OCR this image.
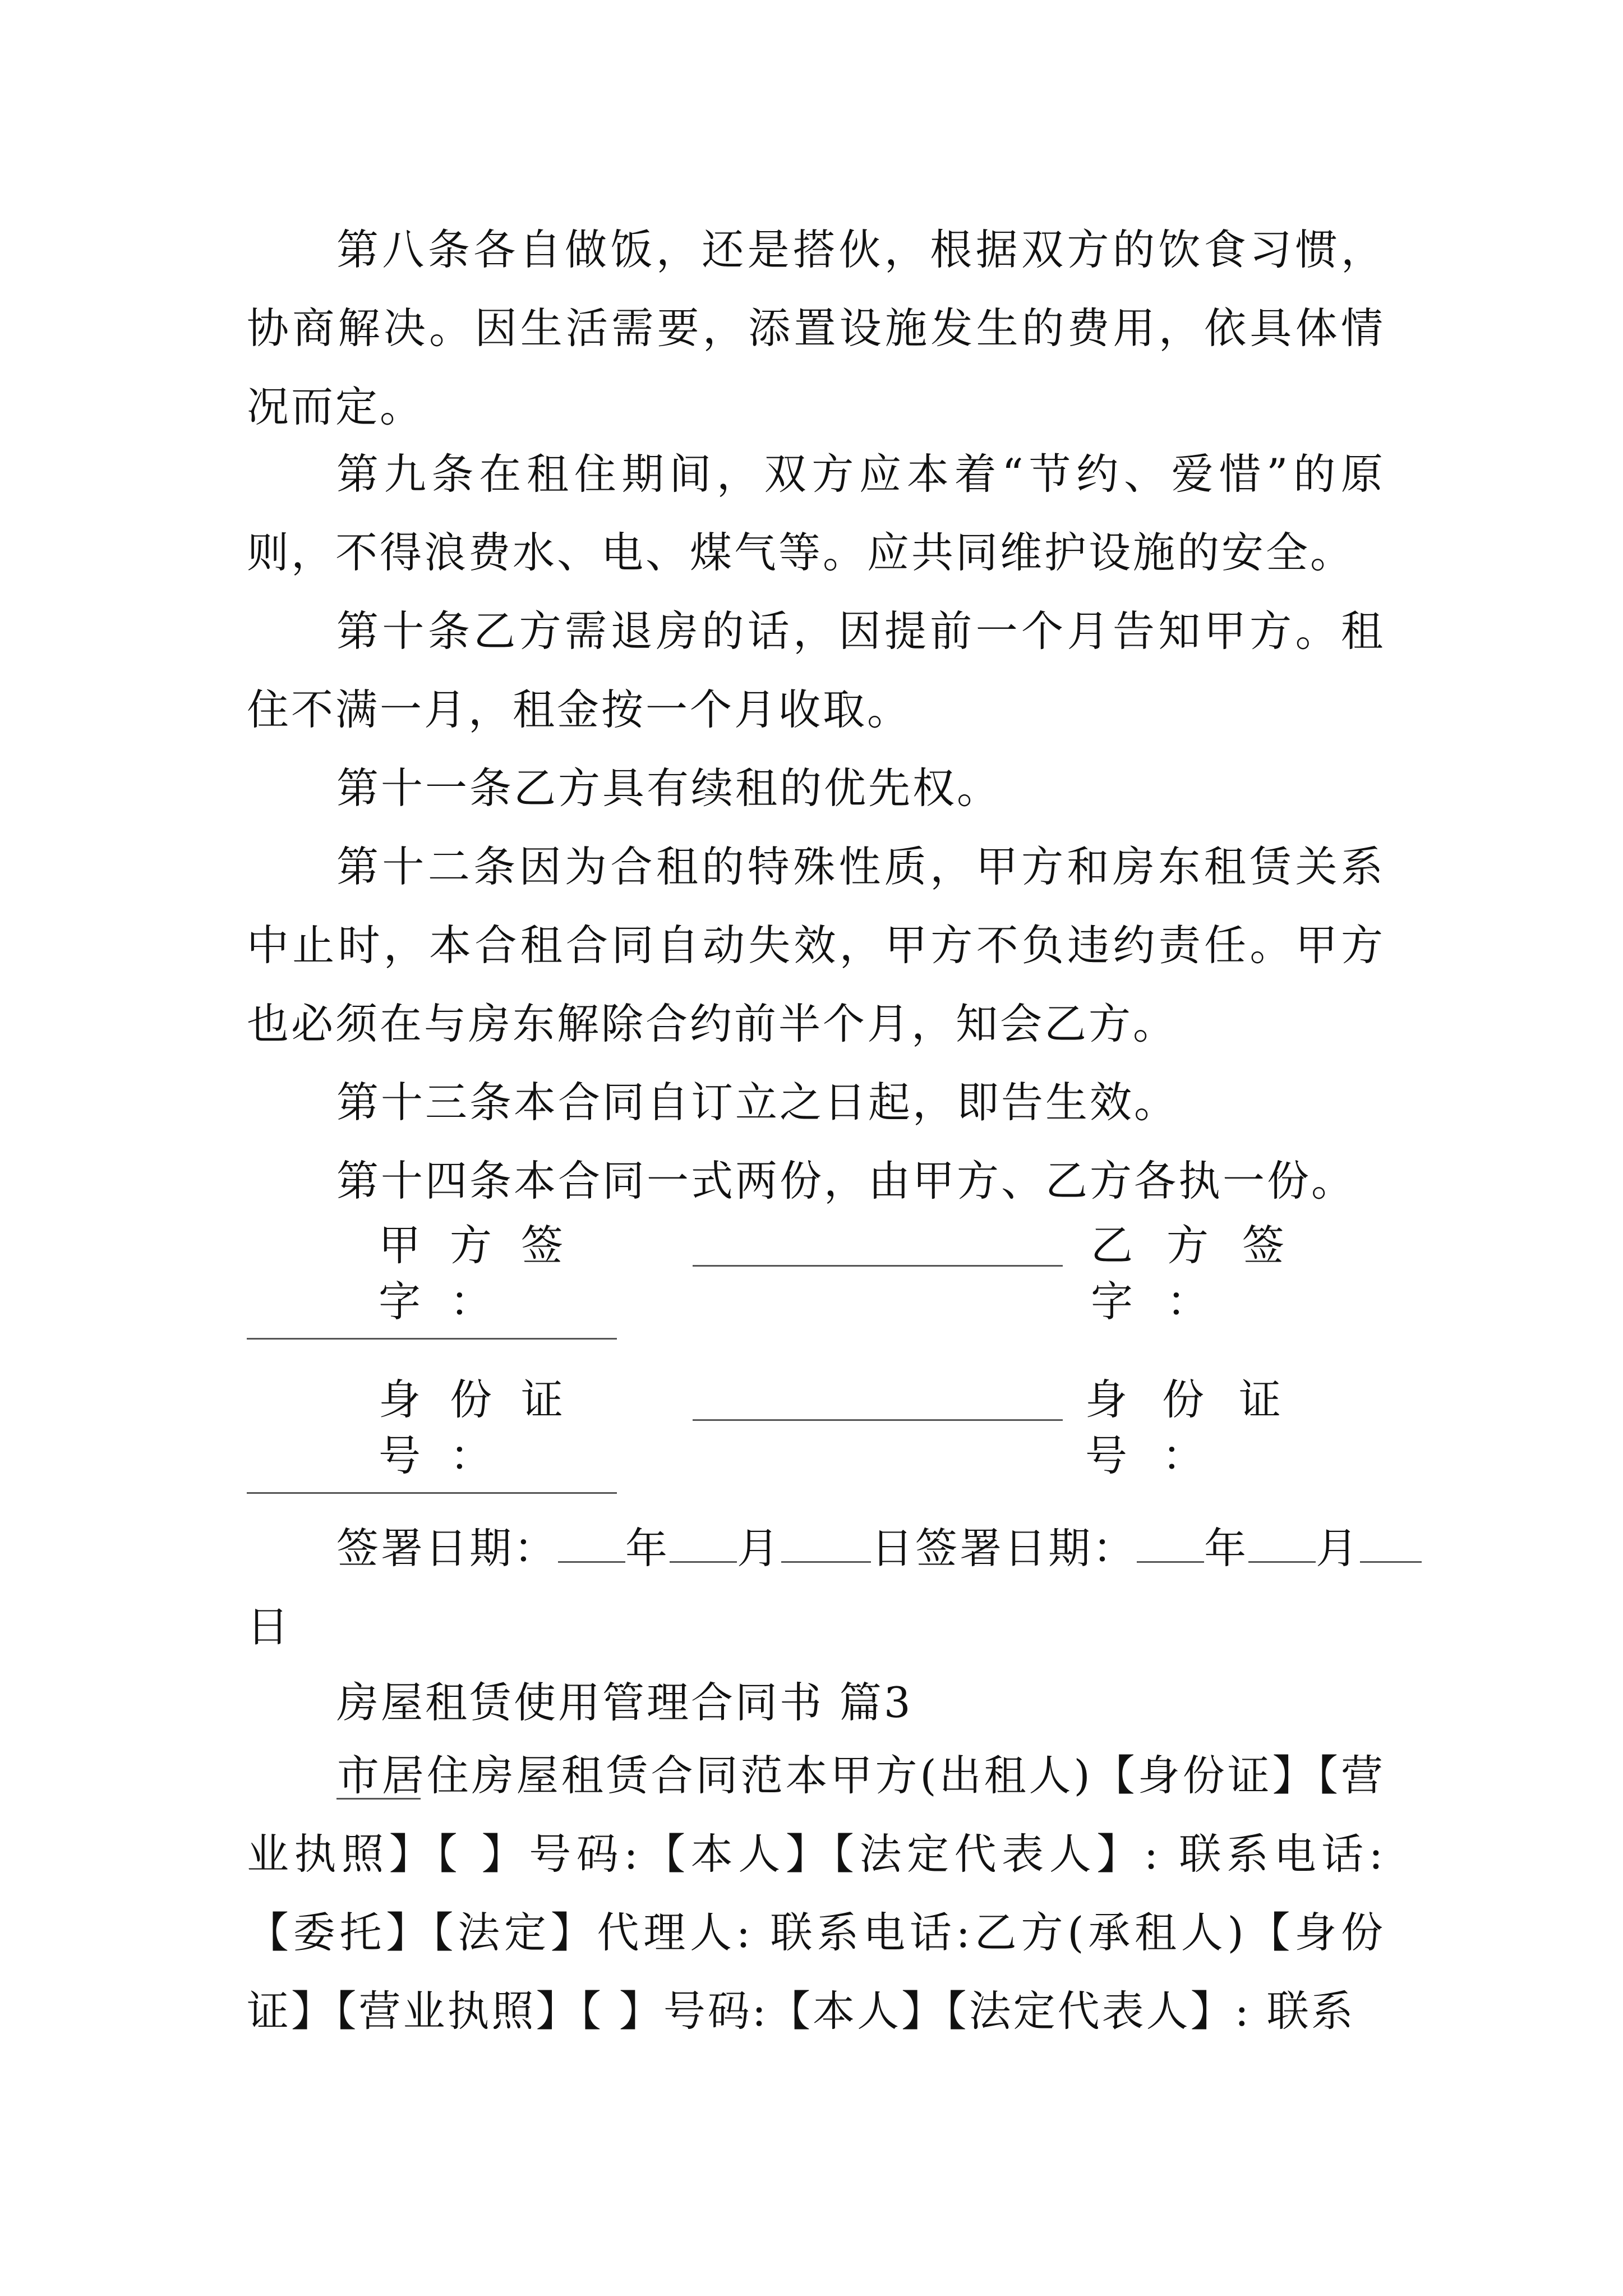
第八条各自做饭，还是搭伙，根据双方的饮食习惯，协商解决。因生活需要，添置设施发生的费用，依具体情况而定。

第九条在租住期间，双方应本着“节约、爱惜”的原则，不得浪费水、电、煤气等。应共同维护设施的安全。

第十条乙方需退房的话，因提前一个月告知甲方。租住不满一月，租金按一个月收取。

第十一条乙方具有续租的优先权。

第十二条因为合租的特殊性质，甲方和房东租赁关系中止时，本合租合同自动失效，甲方不负违约责任。甲方也必须在与房东解除合约前半个月，知会乙方。

第十三条本合同自订立之日起，即告生效。

第十四条本合同一式两份，由甲方、乙方各执一份。

甲方签字：
乙方签字：
身份证号：
身份证号：
签署日期： 年 月 日签署日期： 年 月
日
房屋租赁使用管理合同书 篇3

市居住房屋租赁合同范本甲方(出租人)【身份证】【营业执照】【 】号码:【本人】【法定代表人】: 联系电话:【委托】【法定】代理人: 联系电话:乙方(承租人)【身份证】【营业执照】【 】号码:【本人】【法定代表人】: 联系
